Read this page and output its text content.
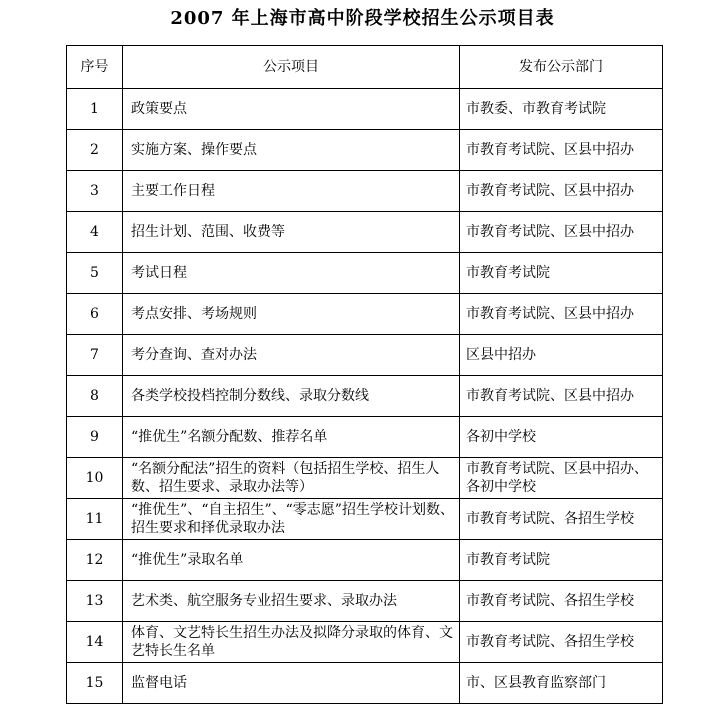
2007 年上海市高中阶段学校招生公示项目表
序号	公示项目	发布公示部门
1	政策要点	市教委、市教育考试院
2	实施方案、操作要点	市教育考试院、区县中招办
3	主要工作日程	市教育考试院、区县中招办
4	招生计划、范围、收费等	市教育考试院、区县中招办
5	考试日程	市教育考试院
6	考点安排、考场规则	市教育考试院、区县中招办
7	考分查询、查对办法	区县中招办
8	各类学校投档控制分数线、录取分数线	市教育考试院、区县中招办
9	“推优生”名额分配数、推荐名单	各初中学校
10	“名额分配法”招生的资料（包括招生学校、招生人数、招生要求、录取办法等）	市教育考试院、区县中招办、各初中学校
11	“推优生”、“自主招生”、“零志愿”招生学校计划数、招生要求和择优录取办法	市教育考试院、各招生学校
12	“推优生”录取名单	市教育考试院
13	艺术类、航空服务专业招生要求、录取办法	市教育考试院、各招生学校
14	体育、文艺特长生招生办法及拟降分录取的体育、文艺特长生名单	市教育考试院、各招生学校
15	监督电话	市、区县教育监察部门
